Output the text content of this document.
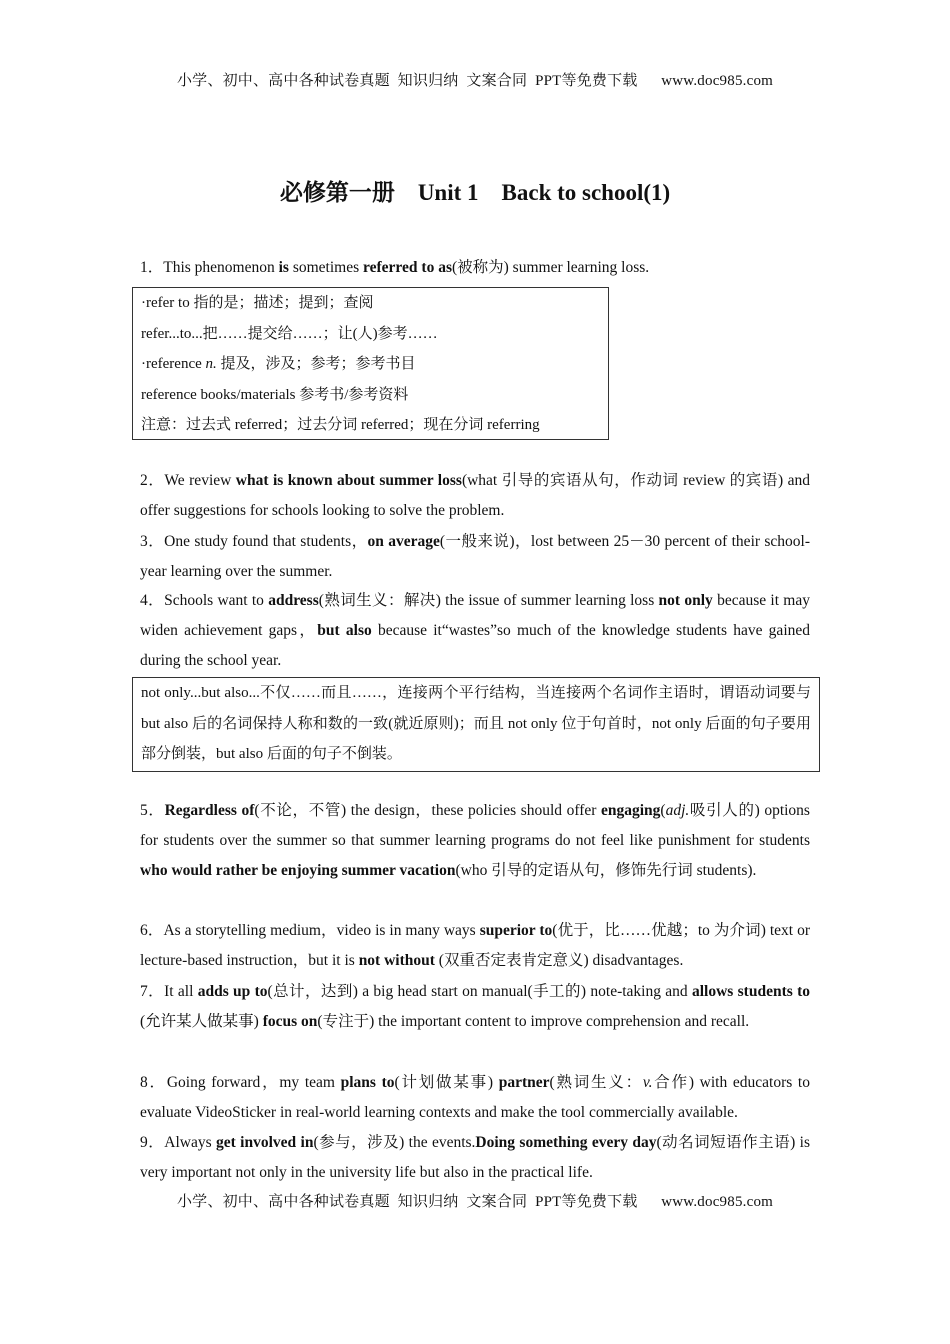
小学、初中、高中各种试卷真题  知识归纳  文案合同  PPT等免费下载      www.doc985.com
必修第一册    Unit 1    Back to school(1)
1．This phenomenon is sometimes referred to as(被称为) summer learning loss.

·refer to 指的是；描述；提到；查阅

refer...to...把……提交给……；让(人)参考……

·reference n. 提及，涉及；参考；参考书目

reference books/materials 参考书/参考资料

注意：过去式 referred；过去分词 referred；现在分词 referring

2．We review what is known about summer loss(what 引导的宾语从句，作动词 review 的宾语) and offer suggestions for schools looking to solve the problem.
3．One study found that students，on average(一般来说)，lost between 25－30 percent of their school-year learning over the summer.
4．Schools want to address(熟词生义：解决) the issue of summer learning loss not only because it may widen achievement gaps，but also because it“wastes”so much of the knowledge students have gained during the school year.

not only...but also...不仅……而且……，连接两个平行结构，当连接两个名词作主语时，谓语动词要与 but also 后的名词保持人称和数的一致(就近原则)；而且 not only 位于句首时，not only 后面的句子要用部分倒装，but also 后面的句子不倒装。

5．Regardless of(不论，不管) the design，these policies should offer engaging(adj.吸引人的) options for students over the summer so that summer learning programs do not feel like punishment for students who would rather be enjoying summer vacation(who 引导的定语从句，修饰先行词 students).
6．As a storytelling medium，video is in many ways superior to(优于，比……优越；to 为介词) text or lecture-based instruction，but it is not without (双重否定表肯定意义) disadvantages.
7．It all adds up to(总计，达到) a big head start on manual(手工的) note-taking and allows students to (允许某人做某事) focus on(专注于) the important content to improve comprehension and recall.
8．Going forward，my team plans to(计划做某事) partner(熟词生义：v.合作) with educators to evaluate VideoSticker in real-world learning contexts and make the tool commercially available.
9．Always get involved in(参与，涉及) the events.Doing something every day(动名词短语作主语) is very important not only in the university life but also in the practical life.
小学、初中、高中各种试卷真题  知识归纳  文案合同  PPT等免费下载      www.doc985.com
